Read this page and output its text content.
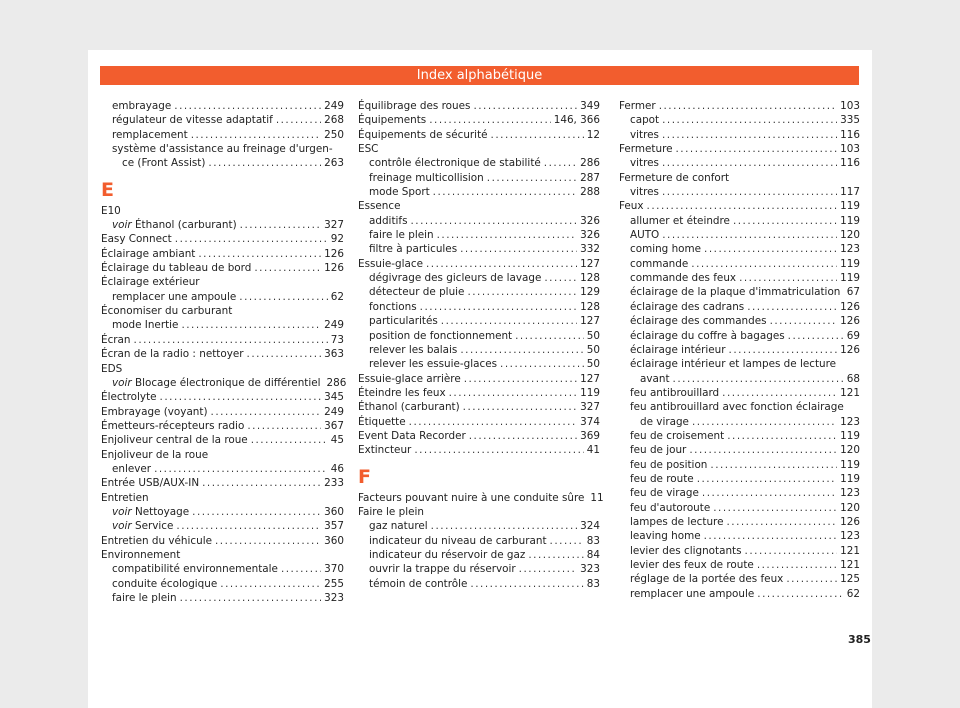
Index alphabétique
embrayage .....	249
régulateur de vitesse adaptatif .....	268
remplacement .....	250
système d'assistance au freinage d'urgen-
ce (Front Assist) .....	263
E
E10
voir Éthanol (carburant) .....	327
Easy Connect .....	92
Éclairage ambiant .....	126
Éclairage du tableau de bord .....	126
Éclairage extérieur
remplacer une ampoule .....	62
Économiser du carburant
mode Inertie .....	249
Écran .....	73
Écran de la radio : nettoyer .....	363
EDS
voir Blocage électronique de différentiel 286
Électrolyte .....	345
Embrayage (voyant) .....	249
Émetteurs-récepteurs radio .....	367
Enjoliveur central de la roue .....	45
Enjoliveur de la roue
enlever .....	46
Entrée USB/AUX-IN .....	233
Entretien
voir Nettoyage .....	360
voir Service .....	357
Entretien du véhicule .....	360
Environnement
compatibilité environnementale .....	370
conduite écologique .....	255
faire le plein .....	323
Équilibrage des roues .....	349
Équipements .....	146, 366
Équipements de sécurité .....	12
ESC
contrôle électronique de stabilité .....	286
freinage multicollision .....	287
mode Sport .....	288
Essence
additifs .....	326
faire le plein .....	326
filtre à particules .....	332
Essuie-glace .....	127
dégivrage des gicleurs de lavage .....	128
détecteur de pluie .....	129
fonctions .....	128
particularités .....	127
position de fonctionnement .....	50
relever les balais .....	50
relever les essuie-glaces .....	50
Essuie-glace arrière .....	127
Éteindre les feux .....	119
Éthanol (carburant) .....	327
Étiquette .....	374
Event Data Recorder .....	369
Extincteur .....	41
F
Facteurs pouvant nuire à une conduite sûre 11
Faire le plein
gaz naturel .....	324
indicateur du niveau de carburant .....	83
indicateur du réservoir de gaz .....	84
ouvrir la trappe du réservoir .....	323
témoin de contrôle .....	83
Fermer .....	103
capot .....	335
vitres .....	116
Fermeture .....	103
vitres .....	116
Fermeture de confort
vitres .....	117
Feux .....	119
allumer et éteindre .....	119
AUTO .....	120
coming home .....	123
commande .....	119
commande des feux .....	119
éclairage de la plaque d'immatriculation ..... 67
éclairage des cadrans .....	126
éclairage des commandes .....	126
éclairage du coffre à bagages .....	69
éclairage intérieur .....	126
éclairage intérieur et lampes de lecture
avant .....	68
feu antibrouillard .....	121
feu antibrouillard avec fonction éclairage
de virage .....	123
feu de croisement .....	119
feu de jour .....	120
feu de position .....	119
feu de route .....	119
feu de virage .....	123
feu d'autoroute .....	120
lampes de lecture .....	126
leaving home .....	123
levier des clignotants .....	121
levier des feux de route .....	121
réglage de la portée des feux .....	125
remplacer une ampoule .....	62
385
